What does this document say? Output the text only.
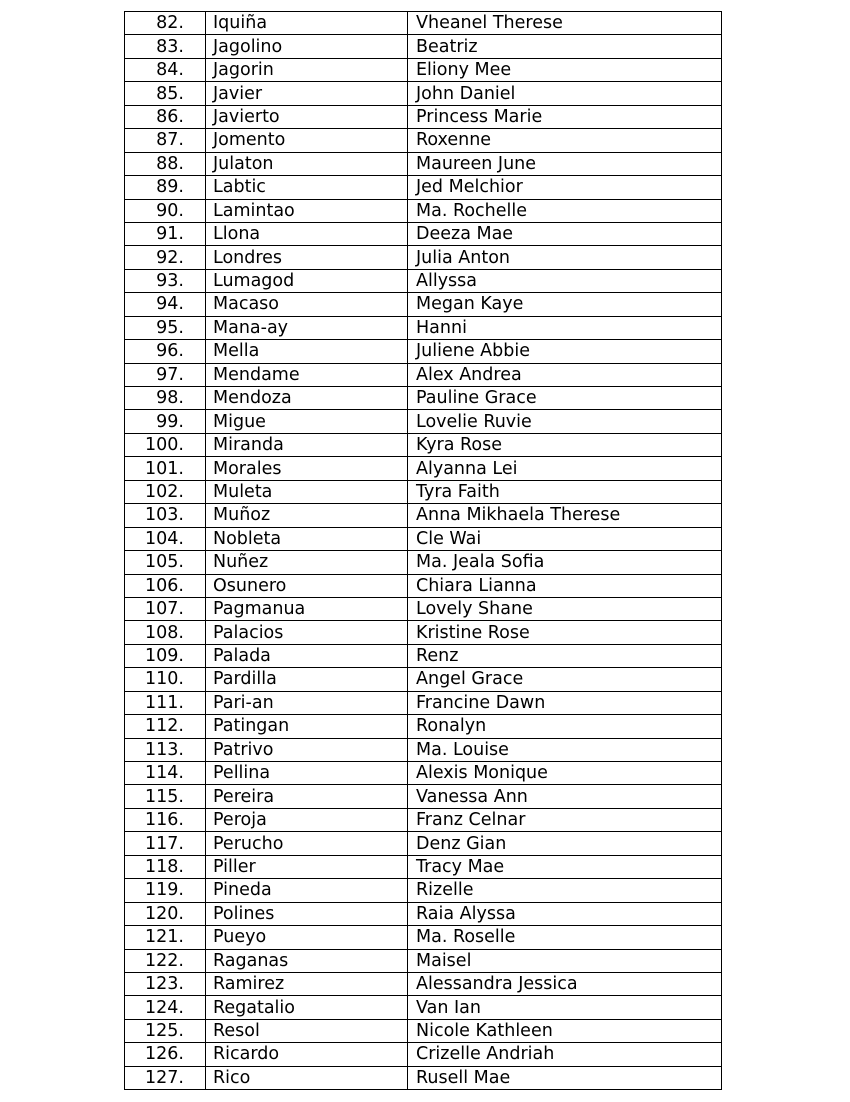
82.	Iquiña	Vheanel Therese
83.	Jagolino	Beatriz
84.	Jagorin	Eliony Mee
85.	Javier	John Daniel
86.	Javierto	Princess Marie
87.	Jomento	Roxenne
88.	Julaton	Maureen June
89.	Labtic	Jed Melchior
90.	Lamintao	Ma. Rochelle
91.	Llona	Deeza Mae
92.	Londres	Julia Anton
93.	Lumagod	Allyssa
94.	Macaso	Megan Kaye
95.	Mana-ay	Hanni
96.	Mella	Juliene Abbie
97.	Mendame	Alex Andrea
98.	Mendoza	Pauline Grace
99.	Migue	Lovelie Ruvie
100.	Miranda	Kyra Rose
101.	Morales	Alyanna Lei
102.	Muleta	Tyra Faith
103.	Muñoz	Anna Mikhaela Therese
104.	Nobleta	Cle Wai
105.	Nuñez	Ma. Jeala Sofia
106.	Osunero	Chiara Lianna
107.	Pagmanua	Lovely Shane
108.	Palacios	Kristine Rose
109.	Palada	Renz
110.	Pardilla	Angel Grace
111.	Pari-an	Francine Dawn
112.	Patingan	Ronalyn
113.	Patrivo	Ma. Louise
114.	Pellina	Alexis Monique
115.	Pereira	Vanessa Ann
116.	Peroja	Franz Celnar
117.	Perucho	Denz Gian
118.	Piller	Tracy Mae
119.	Pineda	Rizelle
120.	Polines	Raia Alyssa
121.	Pueyo	Ma. Roselle
122.	Raganas	Maisel
123.	Ramirez	Alessandra Jessica
124.	Regatalio	Van Ian
125.	Resol	Nicole Kathleen
126.	Ricardo	Crizelle Andriah
127.	Rico	Rusell Mae
